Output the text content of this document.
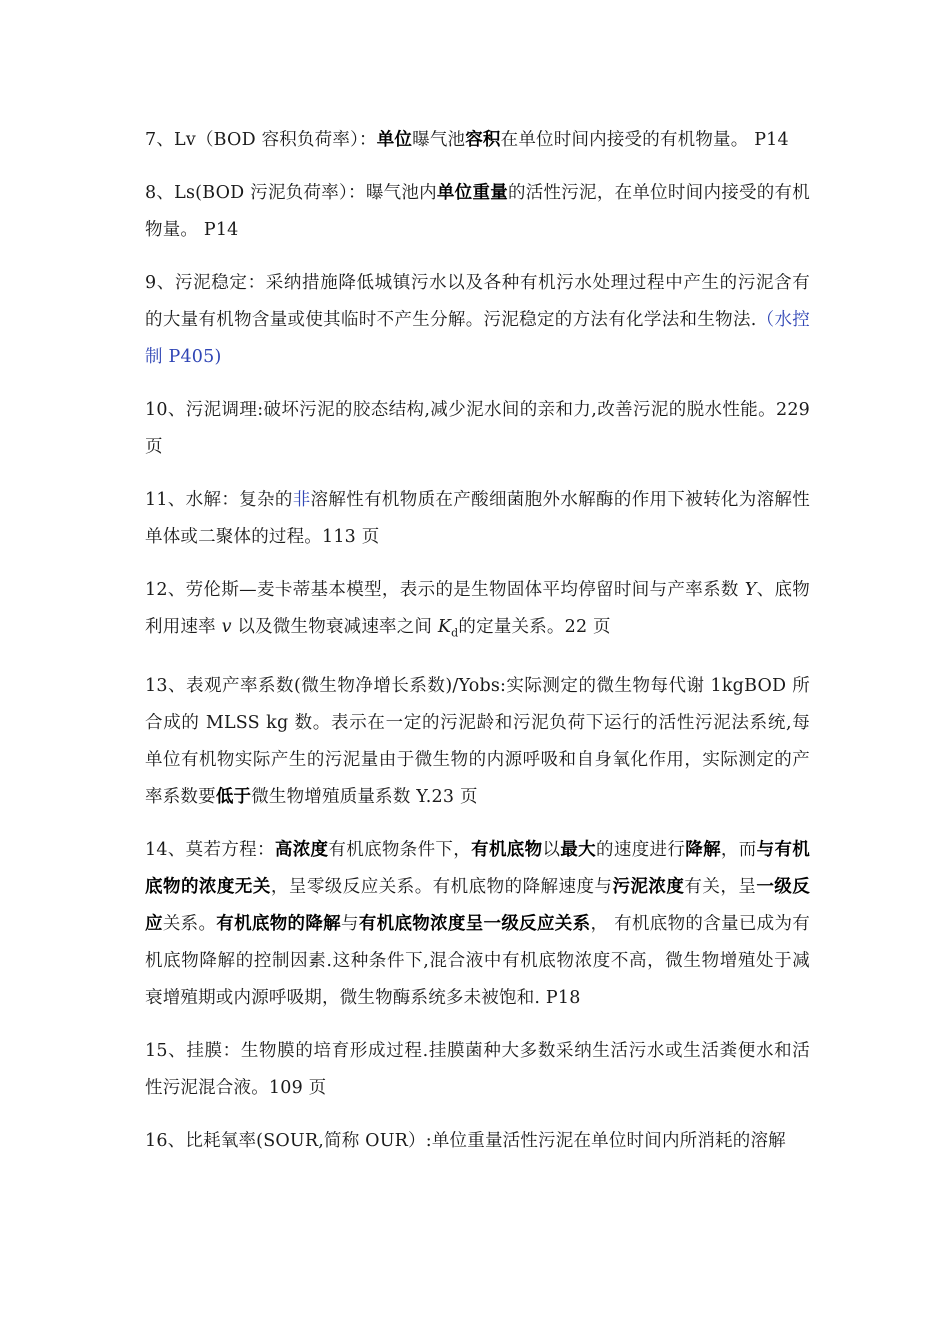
7、Lv（BOD 容积负荷率）：单位曝气池容积在单位时间内接受的有机物量。 P14

8、Ls(BOD 污泥负荷率）：曝气池内单位重量的活性污泥，在单位时间内接受的有机物量。 P14

9、污泥稳定：采纳措施降低城镇污水以及各种有机污水处理过程中产生的污泥含有的大量有机物含量或使其临时不产生分解。污泥稳定的方法有化学法和生物法.（水控制 P405)

10、污泥调理:破坏污泥的胶态结构,减少泥水间的亲和力,改善污泥的脱水性能。229 页

11、水解：复杂的非溶解性有机物质在产酸细菌胞外水解酶的作用下被转化为溶解性单体或二聚体的过程。113 页

12、劳伦斯—麦卡蒂基本模型，表示的是生物固体平均停留时间与产率系数 Y、底物利用速率 v 以及微生物衰减速率之间 $K_d$的定量关系。22 页

13、表观产率系数(微生物净增长系数)/Yobs:实际测定的微生物每代谢 1kgBOD 所合成的 MLSS kg 数。表示在一定的污泥龄和污泥负荷下运行的活性污泥法系统,每单位有机物实际产生的污泥量由于微生物的内源呼吸和自身氧化作用，实际测定的产率系数要低于微生物增殖质量系数 Y.23 页

14、莫若方程：高浓度有机底物条件下，有机底物以最大的速度进行降解，而与有机底物的浓度无关，呈零级反应关系。有机底物的降解速度与污泥浓度有关，呈一级反应关系。有机底物的降解与有机底物浓度呈一级反应关系， 有机底物的含量已成为有机底物降解的控制因素.这种条件下,混合液中有机底物浓度不高，微生物增殖处于减衰增殖期或内源呼吸期，微生物酶系统多未被饱和. P18

15、挂膜：生物膜的培育形成过程.挂膜菌种大多数采纳生活污水或生活粪便水和活性污泥混合液。109 页

16、比耗氧率(SOUR,简称 OUR）:单位重量活性污泥在单位时间内所消耗的溶解
